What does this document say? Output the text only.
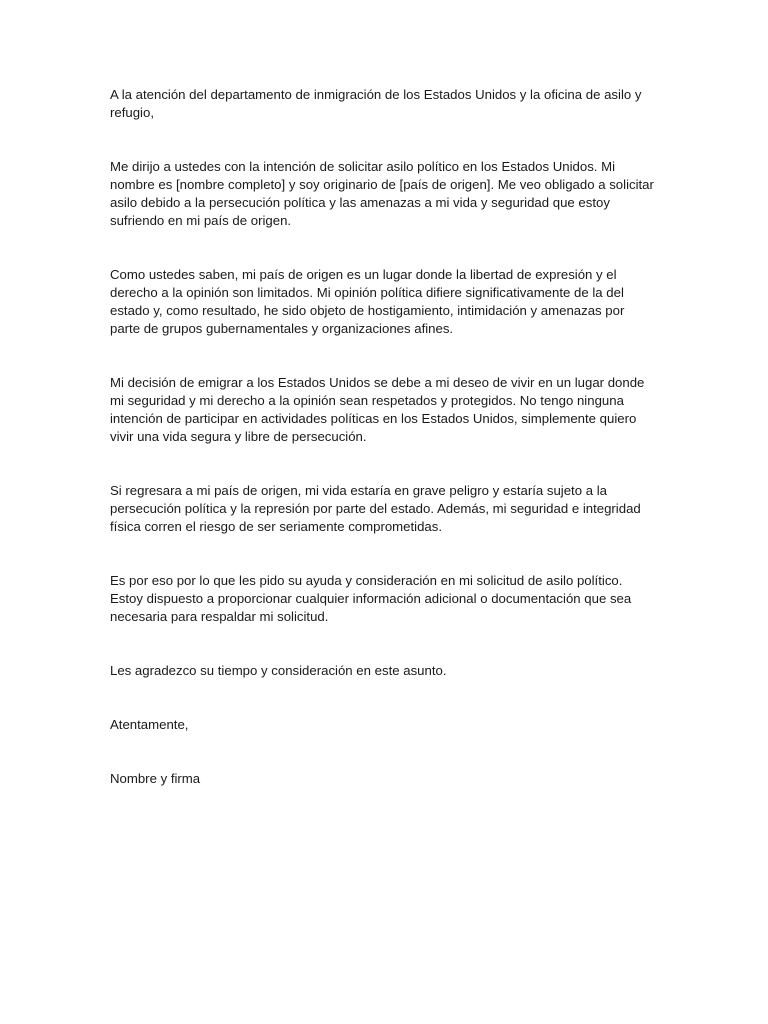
A la atención del departamento de inmigración de los Estados Unidos y la oficina de asilo y refugio,

Me dirijo a ustedes con la intención de solicitar asilo político en los Estados Unidos. Mi nombre es [nombre completo] y soy originario de [país de origen]. Me veo obligado a solicitar asilo debido a la persecución política y las amenazas a mi vida y seguridad que estoy sufriendo en mi país de origen.

Como ustedes saben, mi país de origen es un lugar donde la libertad de expresión y el derecho a la opinión son limitados. Mi opinión política difiere significativamente de la del estado y, como resultado, he sido objeto de hostigamiento, intimidación y amenazas por parte de grupos gubernamentales y organizaciones afines.

Mi decisión de emigrar a los Estados Unidos se debe a mi deseo de vivir en un lugar donde mi seguridad y mi derecho a la opinión sean respetados y protegidos. No tengo ninguna intención de participar en actividades políticas en los Estados Unidos, simplemente quiero vivir una vida segura y libre de persecución.

Si regresara a mi país de origen, mi vida estaría en grave peligro y estaría sujeto a la persecución política y la represión por parte del estado. Además, mi seguridad e integridad física corren el riesgo de ser seriamente comprometidas.

Es por eso por lo que les pido su ayuda y consideración en mi solicitud de asilo político. Estoy dispuesto a proporcionar cualquier información adicional o documentación que sea necesaria para respaldar mi solicitud.

Les agradezco su tiempo y consideración en este asunto.

Atentamente,

Nombre y firma
